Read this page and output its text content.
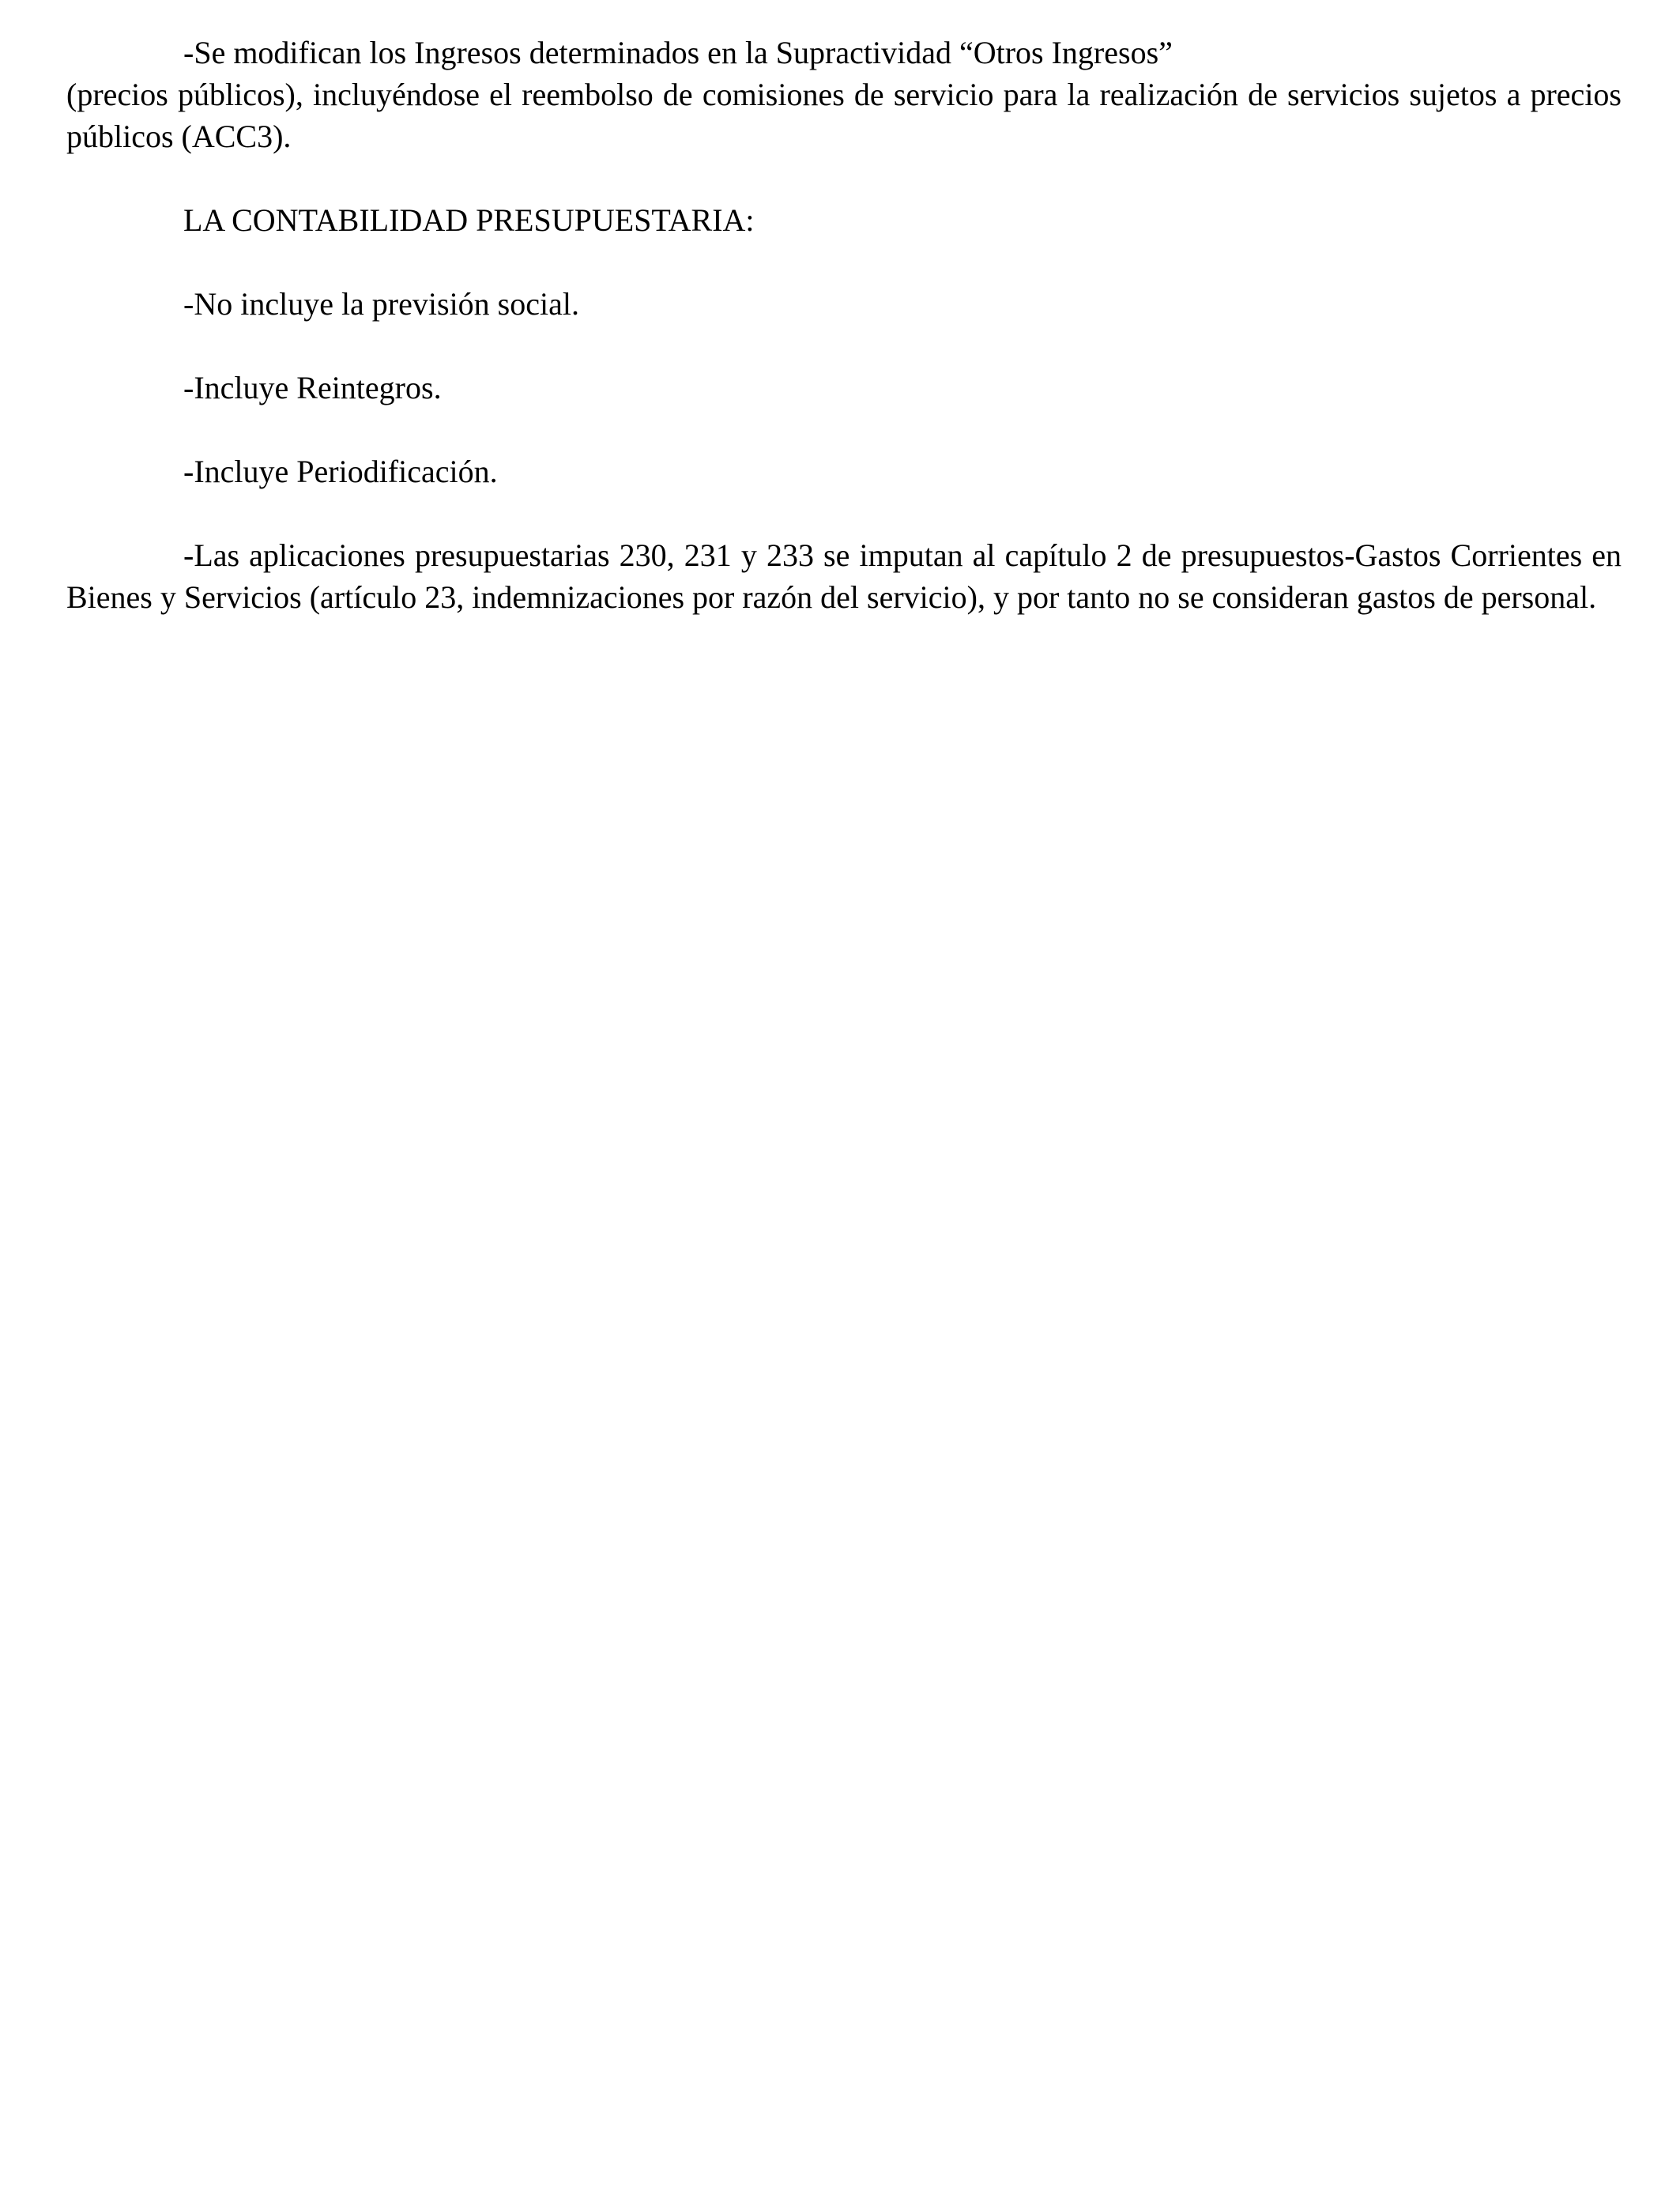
-Se modifican los Ingresos determinados en la Supractividad “Otros Ingresos”
(precios públicos), incluyéndose el reembolso de comisiones de servicio para la realización de servicios sujetos a precios públicos (ACC3).
LA CONTABILIDAD PRESUPUESTARIA:
-No incluye la previsión social.
-Incluye Reintegros.
-Incluye Periodificación.
-Las aplicaciones presupuestarias 230, 231 y 233 se imputan al capítulo 2 de presupuestos-Gastos Corrientes en Bienes y Servicios (artículo 23, indemnizaciones por razón del servicio), y por tanto no se consideran gastos de personal.
